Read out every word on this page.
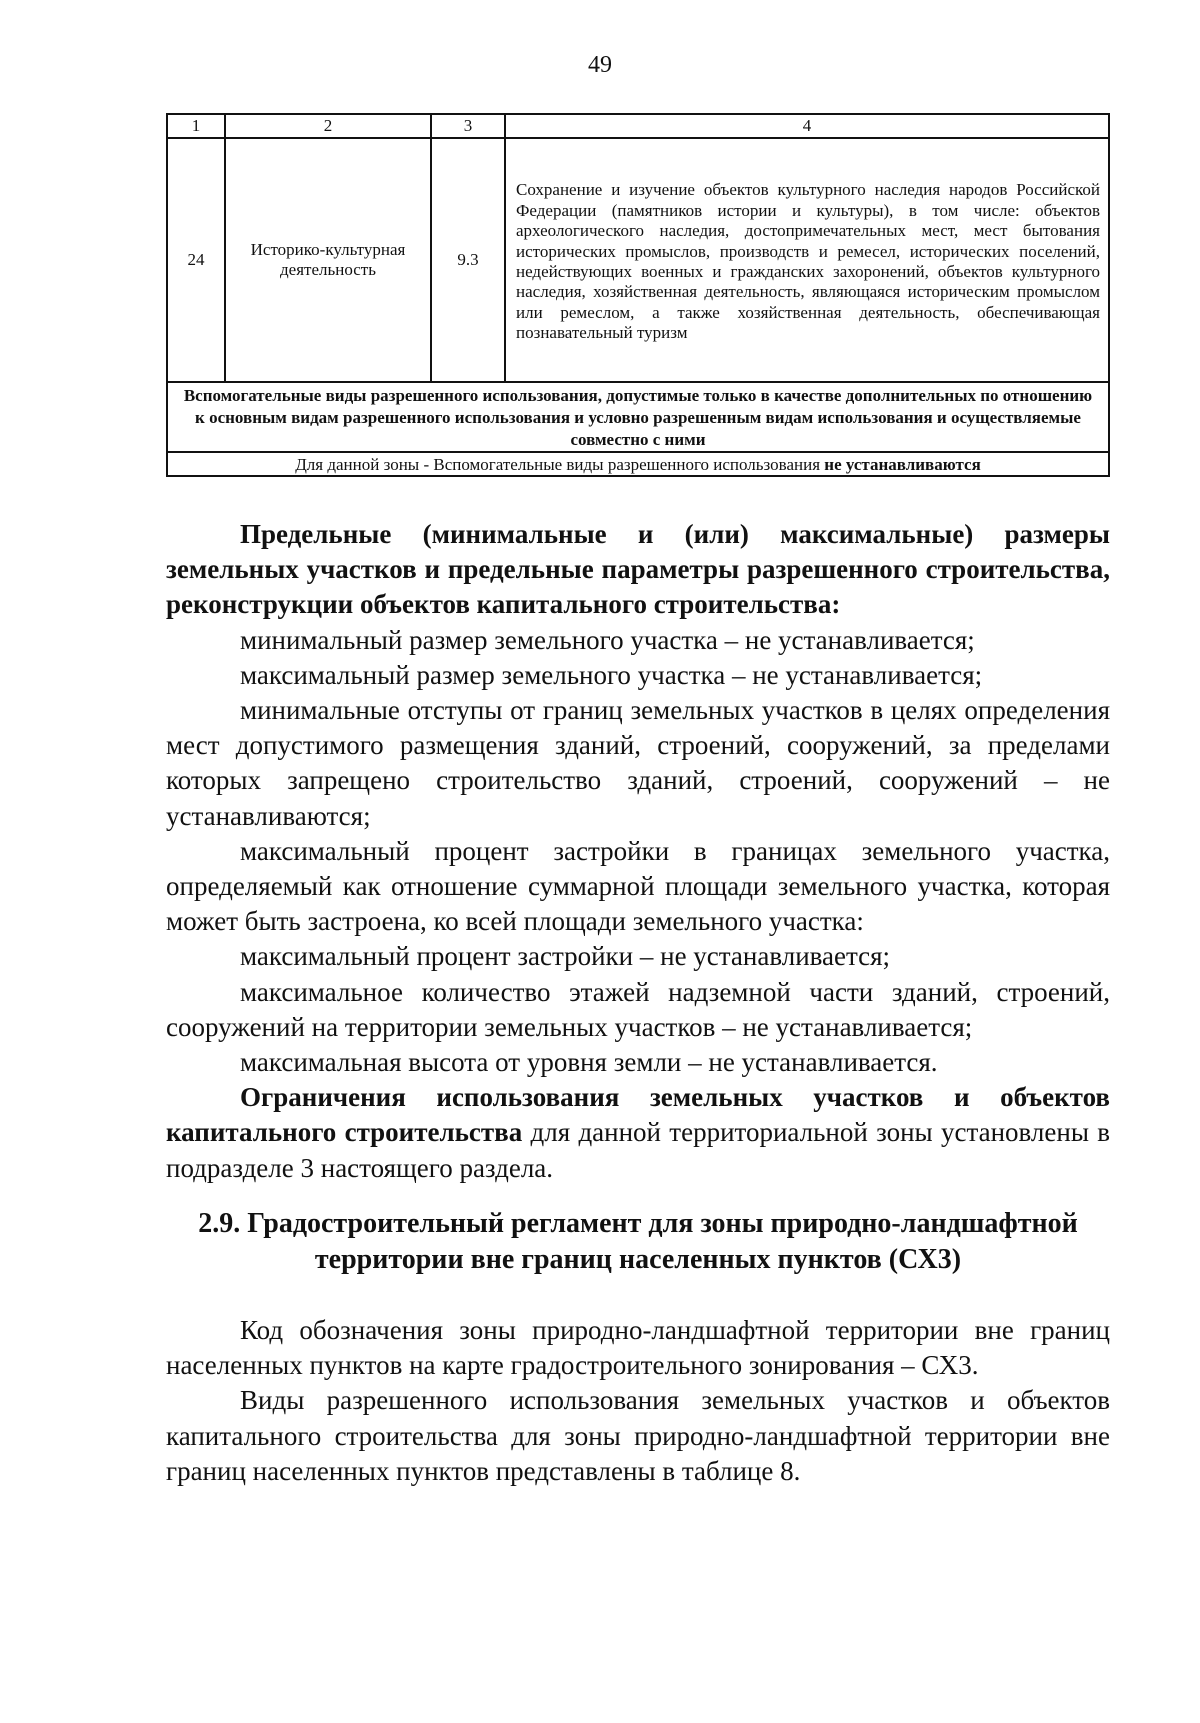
49
1	2	3	4
24	Историко-культурная деятельность	9.3	Сохранение и изучение объектов культурного наследия народов Российской Федерации (памятников истории и культуры), в том числе: объектов археологического наследия, достопримечательных мест, мест бытования исторических промыслов, производств и ремесел, исторических поселений, недействующих военных и гражданских захоронений, объектов культурного наследия, хозяйственная деятельность, являющаяся историческим промыслом или ремеслом, а также хозяйственная деятельность, обеспечивающая познавательный туризм
Вспомогательные виды разрешенного использования, допустимые только в качестве дополнительных по отношению к основным видам разрешенного использования и условно разрешенным видам использования и осуществляемые совместно с ними			
Для данной зоны - Вспомогательные виды разрешенного использования не устанавливаются			

Предельные (минимальные и (или) максимальные) размеры земельных участков и предельные параметры разрешенного строительства, реконструкции объектов капитального строительства:

минимальный размер земельного участка – не устанавливается;

максимальный размер земельного участка – не устанавливается;

минимальные отступы от границ земельных участков в целях определения мест допустимого размещения зданий, строений, сооружений, за пределами которых запрещено строительство зданий, строений, сооружений – не устанавливаются;

максимальный процент застройки в границах земельного участка, определяемый как отношение суммарной площади земельного участка, которая может быть застроена, ко всей площади земельного участка:

максимальный процент застройки – не устанавливается;

максимальное количество этажей надземной части зданий, строений, сооружений на территории земельных участков – не устанавливается;

максимальная высота от уровня земли – не устанавливается.

Ограничения использования земельных участков и объектов капитального строительства для данной территориальной зоны установлены в подразделе 3 настоящего раздела.

2.9. Градостроительный регламент для зоны природно-ландшафтной территории вне границ населенных пунктов (СХ3)

Код обозначения зоны природно-ландшафтной территории вне границ населенных пунктов на карте градостроительного зонирования – СХ3.

Виды разрешенного использования земельных участков и объектов капитального строительства для зоны природно-ландшафтной территории вне границ населенных пунктов представлены в таблице 8.
